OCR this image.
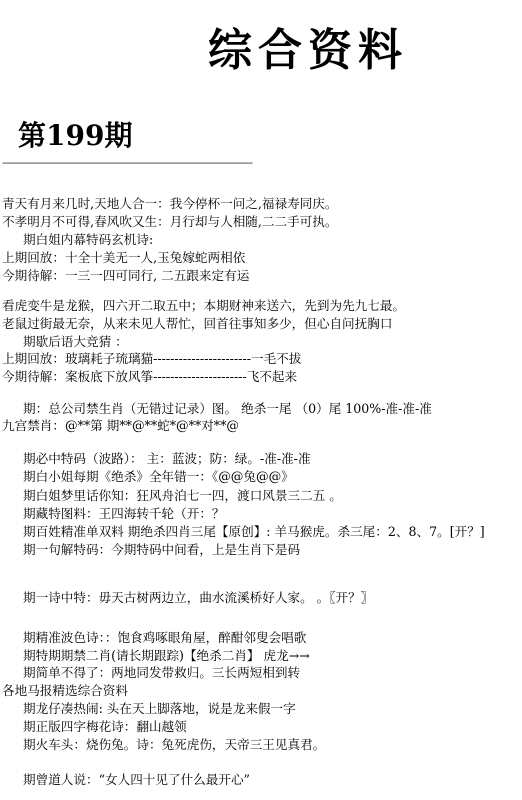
综合资料
第199期
--------------------------------------------------------------------------------------------
青天有月来几时,天地人合一：我今停杯一问之,福禄寿同庆。
不孝明月不可得,春风吹又生：月行却与人相随,二二手可执。
期白姐内幕特码玄机诗:
上期回放：十全十美无一人,玉兔嫁蛇两相依
今期待解：一三一四可同行, 二五跟来定有运
看虎变牛是龙猴，四六开二取五中；本期财神来送六，先到为先九七最。
老鼠过街最无奈，从来未见人帮忙，回首往事知多少，但心自问抚胸口
期歇后语大竞猜 ：
上期回放：玻璃耗子琉璃猫-----------------------一毛不拔
今期待解：案板底下放风筝----------------------飞不起来
期：总公司禁生肖（无错过记录）图。 绝杀一尾 （0）尾 100%-准-准-准
九宫禁肖：@**第 期**@**蛇*@**对**@
期必中特码（波路）： 主：蓝波；防：绿。-准-准-准
期白小姐每期《绝杀》全年错一：《@@兔@@》
期白姐梦里话你知：狂风舟泊七一四，渡口风景三二五 。
期藏特图料：王四海转千轮（开：？
期百姓精准单双料 期绝杀四肖三尾【原创】: 羊马猴虎。杀三尾：2、8、7。[开？]
期一句解特码：今期特码中间看，上是生肖下是码
期一诗中特：毋天古树两边立，曲水流溪桥好人家。 。〖开？〗
期精准波色诗：：饱食鸡啄眼角屋，醉酣邻叟会唱歌
期特期期禁二肖(请长期跟踪)【绝杀二肖】 虎龙→→
期简单不得了：两地同发带救归。三长两短相到转
各地马报精选综合资料
期龙仔凑热闹: 头在天上脚落地，说是龙来假一字
期正版四字梅花诗：翻山越领
期火车头：烧伤兔。诗：兔死虎伤，天帝三王见真君。
期曾道人说：“女人四十见了什么最开心”
